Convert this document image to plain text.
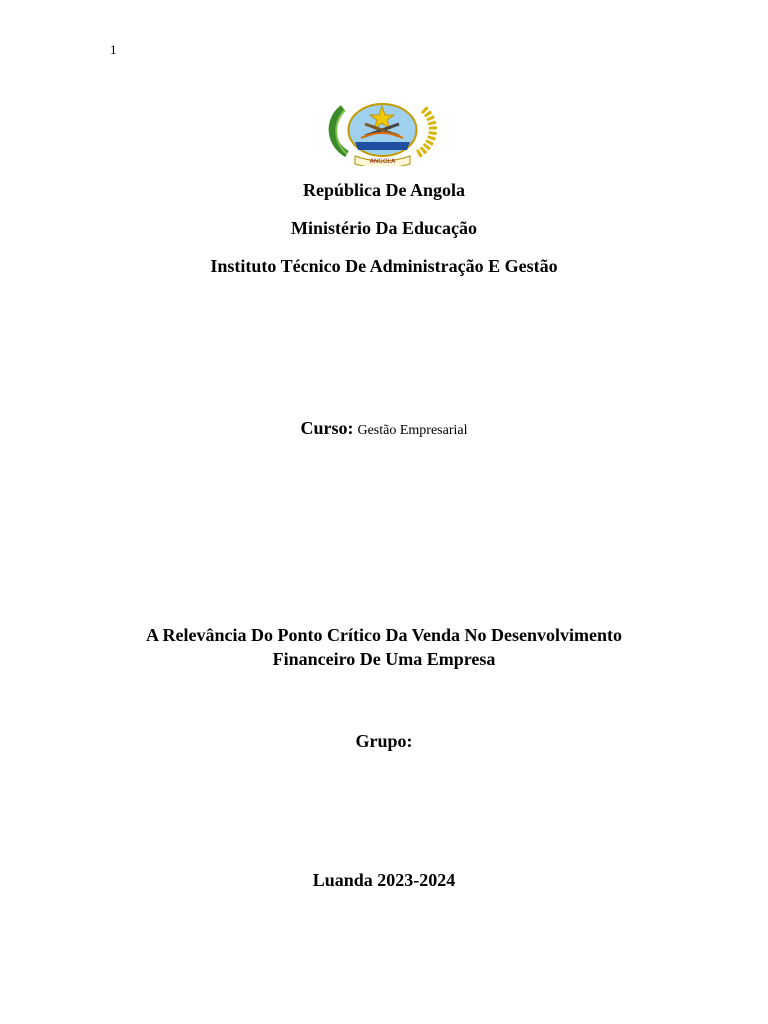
1
ANGOLA
República De Angola
Ministério Da Educação
Instituto Técnico De Administração E Gestão
Curso: Gestão Empresarial
A Relevância Do Ponto Crítico Da Venda No Desenvolvimento
Financeiro De Uma Empresa
Grupo:
Luanda 2023-2024
